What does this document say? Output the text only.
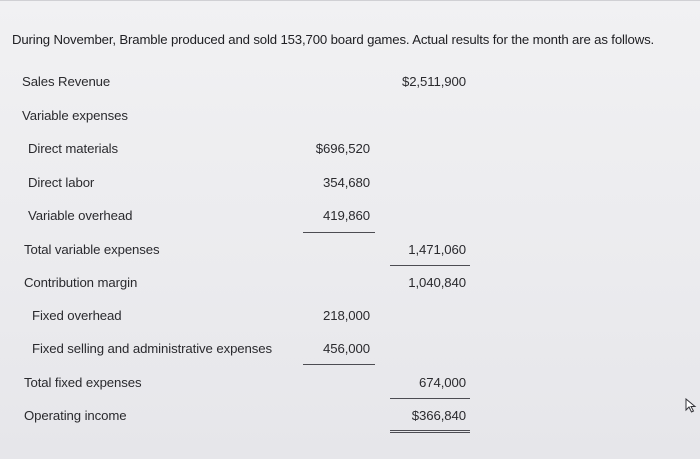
During November, Bramble produced and sold 153,700 board games. Actual results for the month are as follows.
Sales Revenue	$2,511,900
Variable expenses
Direct materials	$696,520
Direct labor	354,680
Variable overhead	419,860
Total variable expenses	1,471,060
Contribution margin	1,040,840
Fixed overhead	218,000
Fixed selling and administrative expenses	456,000
Total fixed expenses	674,000
Operating income	$366,840
